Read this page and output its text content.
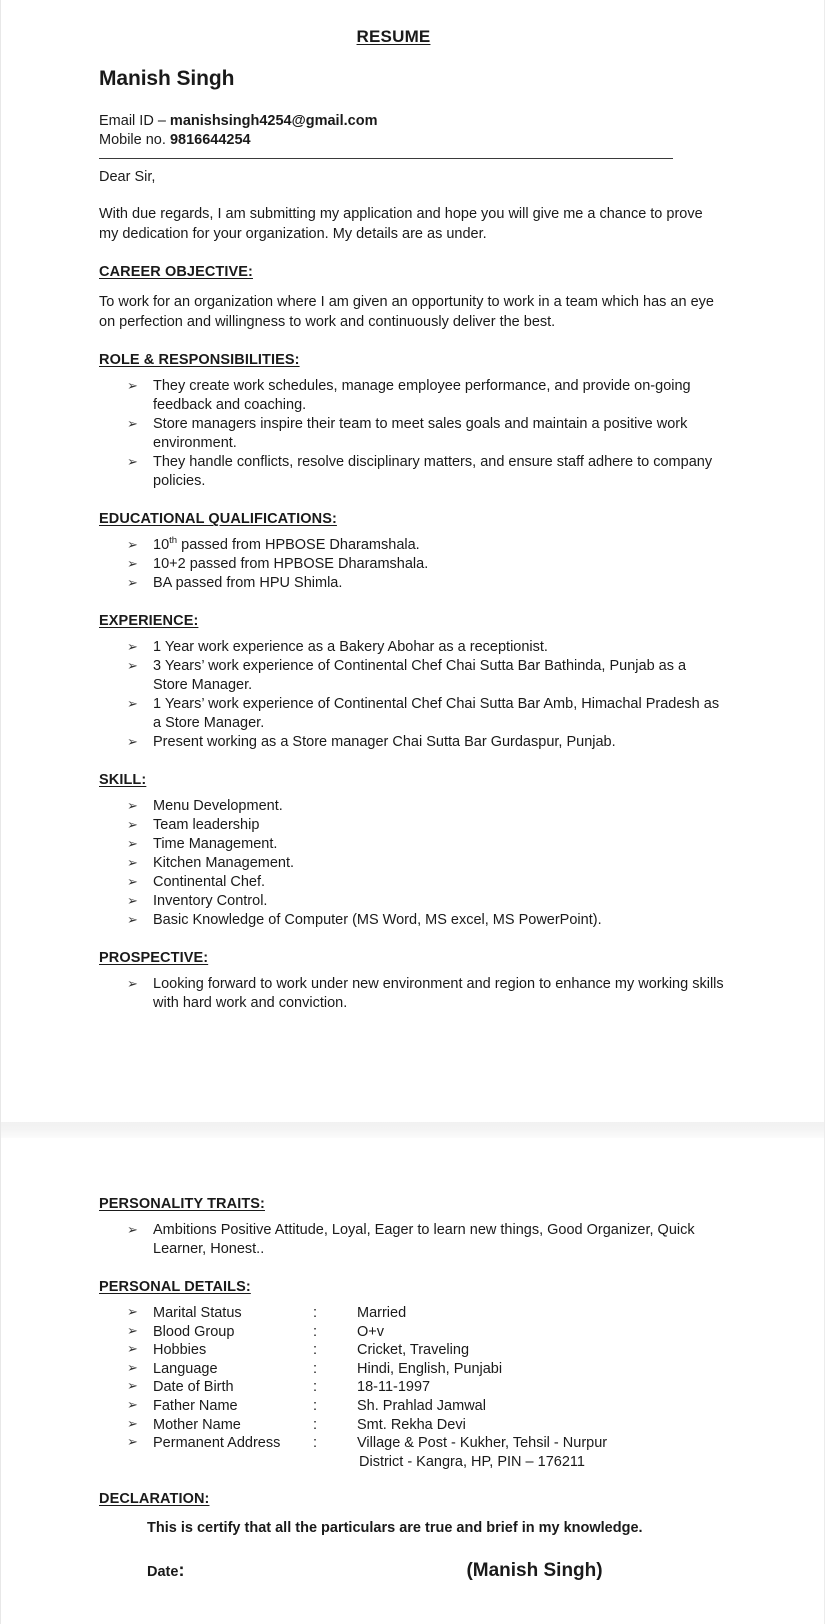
RESUME
Manish Singh
Email ID – manishsingh4254@gmail.com
Mobile no. 9816644254
Dear Sir,
With due regards, I am submitting my application and hope you will give me a chance to prove my dedication for your organization. My details are as under.
CAREER OBJECTIVE:
To work for an organization where I am given an opportunity to work in a team which has an eye on perfection and willingness to work and continuously deliver the best.
ROLE & RESPONSIBILITIES:
➢ They create work schedules, manage employee performance, and provide on-going feedback and coaching.
➢ Store managers inspire their team to meet sales goals and maintain a positive work environment.
➢ They handle conflicts, resolve disciplinary matters, and ensure staff adhere to company policies.
EDUCATIONAL QUALIFICATIONS:
➢ 10th passed from HPBOSE Dharamshala.
➢ 10+2 passed from HPBOSE Dharamshala.
➢ BA passed from HPU Shimla.
EXPERIENCE:
➢ 1 Year work experience as a Bakery Abohar as a receptionist.
➢ 3 Years’ work experience of Continental Chef Chai Sutta Bar Bathinda, Punjab as a Store Manager.
➢ 1 Years’ work experience of Continental Chef Chai Sutta Bar Amb, Himachal Pradesh as a Store Manager.
➢ Present working as a Store manager Chai Sutta Bar Gurdaspur, Punjab.
SKILL:
➢ Menu Development.
➢ Team leadership
➢ Time Management.
➢ Kitchen Management.
➢ Continental Chef.
➢ Inventory Control.
➢ Basic Knowledge of Computer (MS Word, MS excel, MS PowerPoint).
PROSPECTIVE:
➢ Looking forward to work under new environment and region to enhance my working skills with hard work and conviction.
PERSONALITY TRAITS:
➢ Ambitions Positive Attitude, Loyal, Eager to learn new things, Good Organizer, Quick Learner, Honest..
PERSONAL DETAILS:
➢ Marital Status	:	Married
➢ Blood Group	:	O+v
➢ Hobbies	:	Cricket, Traveling
➢ Language	:	Hindi, English, Punjabi
➢ Date of Birth	:	18-11-1997
➢ Father Name	:	Sh. Prahlad Jamwal
➢ Mother Name	:	Smt. Rekha Devi
➢ Permanent Address	:	Village & Post - Kukher, Tehsil - Nurpur
District - Kangra, HP, PIN – 176211
DECLARATION:
This is certify that all the particulars are true and brief in my knowledge.
Date:	(Manish Singh)
